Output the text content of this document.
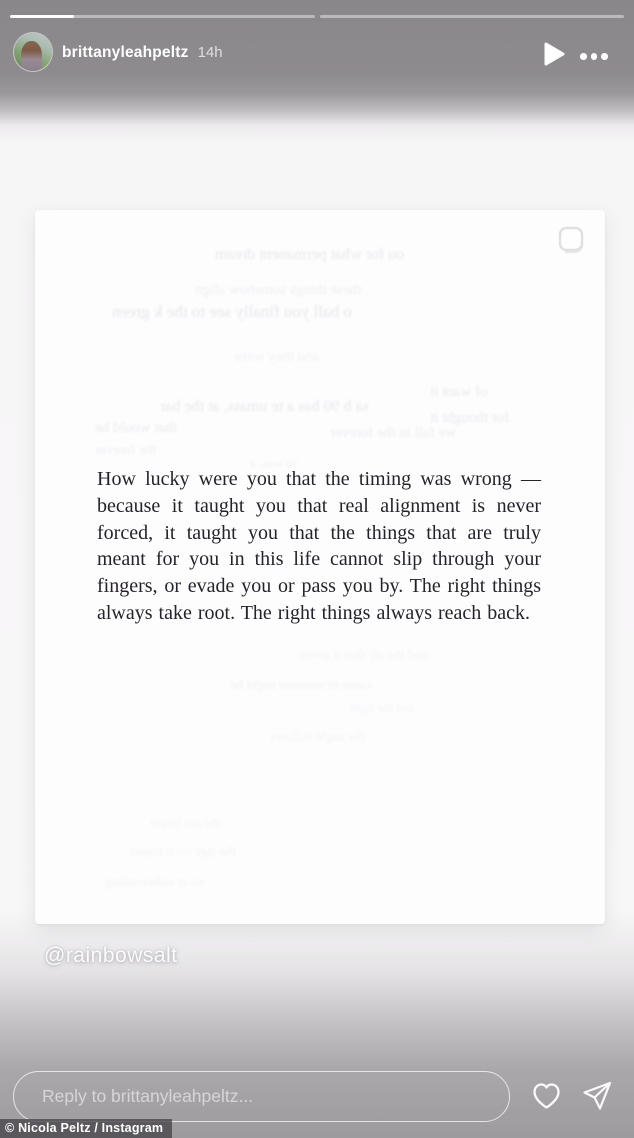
brittanyleahpeltz 14h
How lucky were you that the timing was wrong — because it taught you that real alignment is never forced, it taught you that the things that are truly meant for you in this life cannot slip through your fingers, or evade you or pass you by. The right things always take root. The right things always reach back.
ou for what permanent dream
these things somehow align
o ball you finally see to the k green
and they were
of want it
sa b 90 bas a te umass, at the bar
for thought it
that would be	we fall in the forever
the forever
so was, a
and the air that it gives
came to summer night be
and the light
the night follows
the sea bright
the day — it found
so at unbecoming
@rainbowsalt
Reply to brittanyleahpeltz...
© Nicola Peltz / Instagram
